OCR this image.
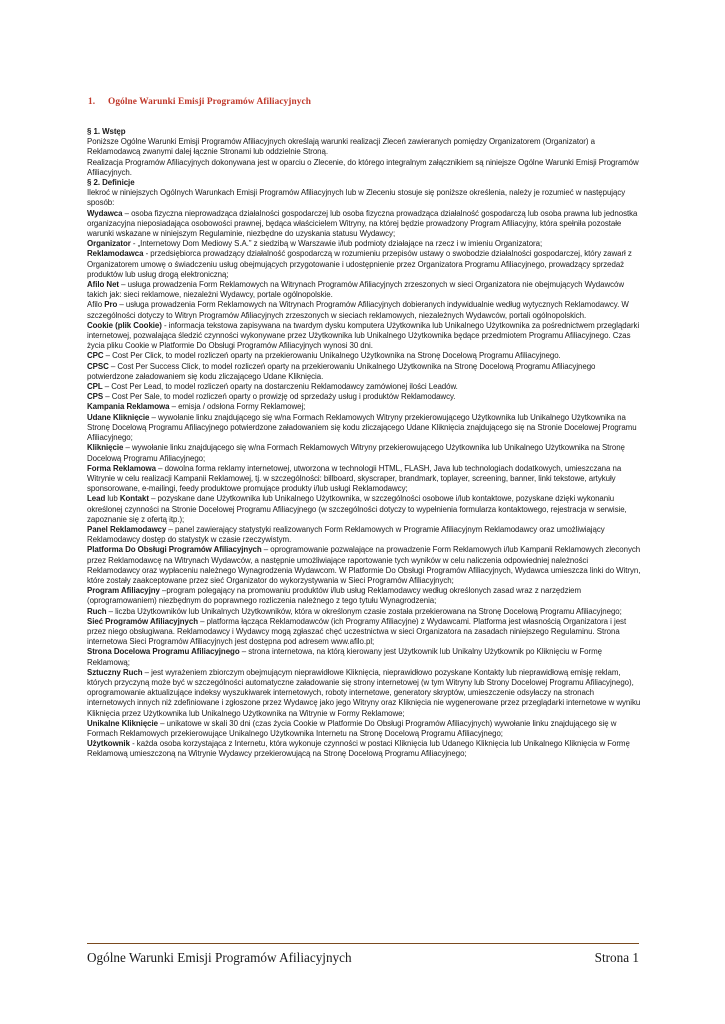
1. Ogólne Warunki Emisji Programów Afiliacyjnych

§ 1. Wstęp

Poniższe Ogólne Warunki Emisji Programów Afiliacyjnych określają warunki realizacji Zleceń zawieranych pomiędzy Organizatorem (Organizator) a Reklamodawcą zwanymi dalej łącznie Stronami lub oddzielnie Stroną.

Realizacja Programów Afiliacyjnych dokonywana jest w oparciu o Zlecenie, do którego integralnym załącznikiem są niniejsze Ogólne Warunki Emisji Programów Afiliacyjnych.

§ 2. Definicje

Ilekroć w niniejszych Ogólnych Warunkach Emisji Programów Afiliacyjnych lub w Zleceniu stosuje się poniższe określenia, należy je rozumieć w następujący sposób:

Wydawca – osoba fizyczna nieprowadząca działalności gospodarczej lub osoba fizyczna prowadząca działalność gospodarczą lub osoba prawna lub jednostka organizacyjna nieposiadająca osobowości prawnej, będąca właścicielem Witryny, na której będzie prowadzony Program Afiliacyjny, która spełniła pozostałe warunki wskazane w niniejszym Regulaminie, niezbędne do uzyskania statusu Wydawcy;

Organizator - „Internetowy Dom Mediowy S.A.” z siedzibą w Warszawie i/lub podmioty działające na rzecz i w imieniu Organizatora;

Reklamodawca - przedsiębiorca prowadzący działalność gospodarczą w rozumieniu przepisów ustawy o swobodzie działalności gospodarczej, który zawarł z Organizatorem umowę o świadczeniu usług obejmujących przygotowanie i udostępnienie przez Organizatora Programu Afiliacyjnego, prowadzący sprzedaż produktów lub usług drogą elektroniczną;

Afilo Net – usługa prowadzenia Form Reklamowych na Witrynach Programów Afiliacyjnych zrzeszonych w sieci Organizatora nie obejmujących Wydawców takich jak: sieci reklamowe, niezależni Wydawcy, portale ogólnopolskie.

Afilo Pro – usługa prowadzenia Form Reklamowych na Witrynach Programów Afiliacyjnych dobieranych indywidualnie według wytycznych Reklamodawcy. W szczególności dotyczy to Witryn Programów Afiliacyjnych zrzeszonych w sieciach reklamowych, niezależnych Wydawców, portali ogólnopolskich.

Cookie (plik Cookie) - informacja tekstowa zapisywana na twardym dysku komputera Użytkownika lub Unikalnego Użytkownika za pośrednictwem przeglądarki internetowej, pozwalająca śledzić czynności wykonywane przez Użytkownika lub Unikalnego Użytkownika będące przedmiotem Programu Afiliacyjnego. Czas życia pliku Cookie w Platformie Do Obsługi Programów Afiliacyjnych wynosi 30 dni.

CPC – Cost Per Click, to model rozliczeń oparty na przekierowaniu Unikalnego Użytkownika na Stronę Docelową Programu Afiliacyjnego.

CPSC – Cost Per Success Click, to model rozliczeń oparty na przekierowaniu Unikalnego Użytkownika na Stronę Docelową Programu Afiliacyjnego potwierdzone załadowaniem się kodu zliczającego Udane Kliknięcia.

CPL – Cost Per Lead, to model rozliczeń oparty na dostarczeniu Reklamodawcy zamówionej ilości Leadów.

CPS – Cost Per Sale, to model rozliczeń oparty o prowizję od sprzedaży usług i produktów Reklamodawcy.

Kampania Reklamowa – emisja / odsłona Formy Reklamowej;

Udane Kliknięcie – wywołanie linku znajdującego się w/na Formach Reklamowych Witryny przekierowującego Użytkownika lub Unikalnego Użytkownika na Stronę Docelową Programu Afiliacyjnego potwierdzone załadowaniem się kodu zliczającego Udane Kliknięcia znajdującego się na Stronie Docelowej Programu Afiliacyjnego;

Kliknięcie – wywołanie linku znajdującego się w/na Formach Reklamowych Witryny przekierowującego Użytkownika lub Unikalnego Użytkownika na Stronę Docelową Programu Afiliacyjnego;

Forma Reklamowa – dowolna forma reklamy internetowej, utworzona w technologii HTML, FLASH, Java lub technologiach dodatkowych, umieszczana na Witrynie w celu realizacji Kampanii Reklamowej, tj. w szczególności: billboard, skyscraper, brandmark, toplayer, screening, banner, linki tekstowe, artykuły sponsorowane, e-mailingi, feedy produktowe promujące produkty i/lub usługi Reklamodawcy;

Lead lub Kontakt – pozyskane dane Użytkownika lub Unikalnego Użytkownika, w szczególności osobowe i/lub kontaktowe, pozyskane dzięki wykonaniu określonej czynności na Stronie Docelowej Programu Afiliacyjnego (w szczególności dotyczy to wypełnienia formularza kontaktowego, rejestracja w serwisie, zapoznanie się z ofertą itp.);

Panel Reklamodawcy – panel zawierający statystyki realizowanych Form Reklamowych w Programie Afiliacyjnym Reklamodawcy oraz umożliwiający Reklamodawcy dostęp do statystyk w czasie rzeczywistym.

Platforma Do Obsługi Programów Afiliacyjnych – oprogramowanie pozwalające na prowadzenie Form Reklamowych i/lub Kampanii Reklamowych zleconych przez Reklamodawcę na Witrynach Wydawców, a następnie umożliwiające raportowanie tych wyników w celu naliczenia odpowiedniej należności Reklamodawcy oraz wypłaceniu należnego Wynagrodzenia Wydawcom. W Platformie Do Obsługi Programów Afiliacyjnych, Wydawca umieszcza linki do Witryn, które zostały zaakceptowane przez sieć Organizator do wykorzystywania w Sieci Programów Afiliacyjnych;

Program Afiliacyjny –program polegający na promowaniu produktów i/lub usług Reklamodawcy według określonych zasad wraz z narzędziem (oprogramowaniem) niezbędnym do poprawnego rozliczenia należnego z tego tytułu Wynagrodzenia;

Ruch – liczba Użytkowników lub Unikalnych Użytkowników, która w określonym czasie została przekierowana na Stronę Docelową Programu Afiliacyjnego;

Sieć Programów Afiliacyjnych – platforma łącząca Reklamodawców (ich Programy Afiliacyjne) z Wydawcami. Platforma jest własnością Organizatora i jest przez niego obsługiwana. Reklamodawcy i Wydawcy mogą zgłaszać chęć uczestnictwa w sieci Organizatora na zasadach niniejszego Regulaminu. Strona internetowa Sieci Programów Afiliacyjnych jest dostępna pod adresem www.afilo.pl;

Strona Docelowa Programu Afiliacyjnego – strona internetowa, na którą kierowany jest Użytkownik lub Unikalny Użytkownik po Kliknięciu w Formę Reklamową;

Sztuczny Ruch – jest wyrażeniem zbiorczym obejmującym nieprawidłowe Kliknięcia, nieprawidłowo pozyskane Kontakty lub nieprawidłową emisję reklam, których przyczyną może być w szczególności automatyczne załadowanie się strony internetowej (w tym Witryny lub Strony Docelowej Programu Afiliacyjnego), oprogramowanie aktualizujące indeksy wyszukiwarek internetowych, roboty internetowe, generatory skryptów, umieszczenie odsyłaczy na stronach internetowych innych niż zdefiniowane i zgłoszone przez Wydawcę jako jego Witryny oraz Kliknięcia nie wygenerowane przez przeglądarki internetowe w wyniku Kliknięcia przez Użytkownika lub Unikalnego Użytkownika na Witrynie w Formy Reklamowe;

Unikalne Kliknięcie – unikatowe w skali 30 dni (czas życia Cookie w Platformie Do Obsługi Programów Afiliacyjnych) wywołanie linku znajdującego się w Formach Reklamowych przekierowujące Unikalnego Użytkownika Internetu na Stronę Docelową Programu Afiliacyjnego;

Użytkownik - każda osoba korzystająca z Internetu, która wykonuje czynności w postaci Kliknięcia lub Udanego Kliknięcia lub Unikalnego Kliknięcia w Formę Reklamową umieszczoną na Witrynie Wydawcy przekierowującą na Stronę Docelową Programu Afiliacyjnego;

Ogólne Warunki Emisji Programów Afiliacyjnych	Strona 1
